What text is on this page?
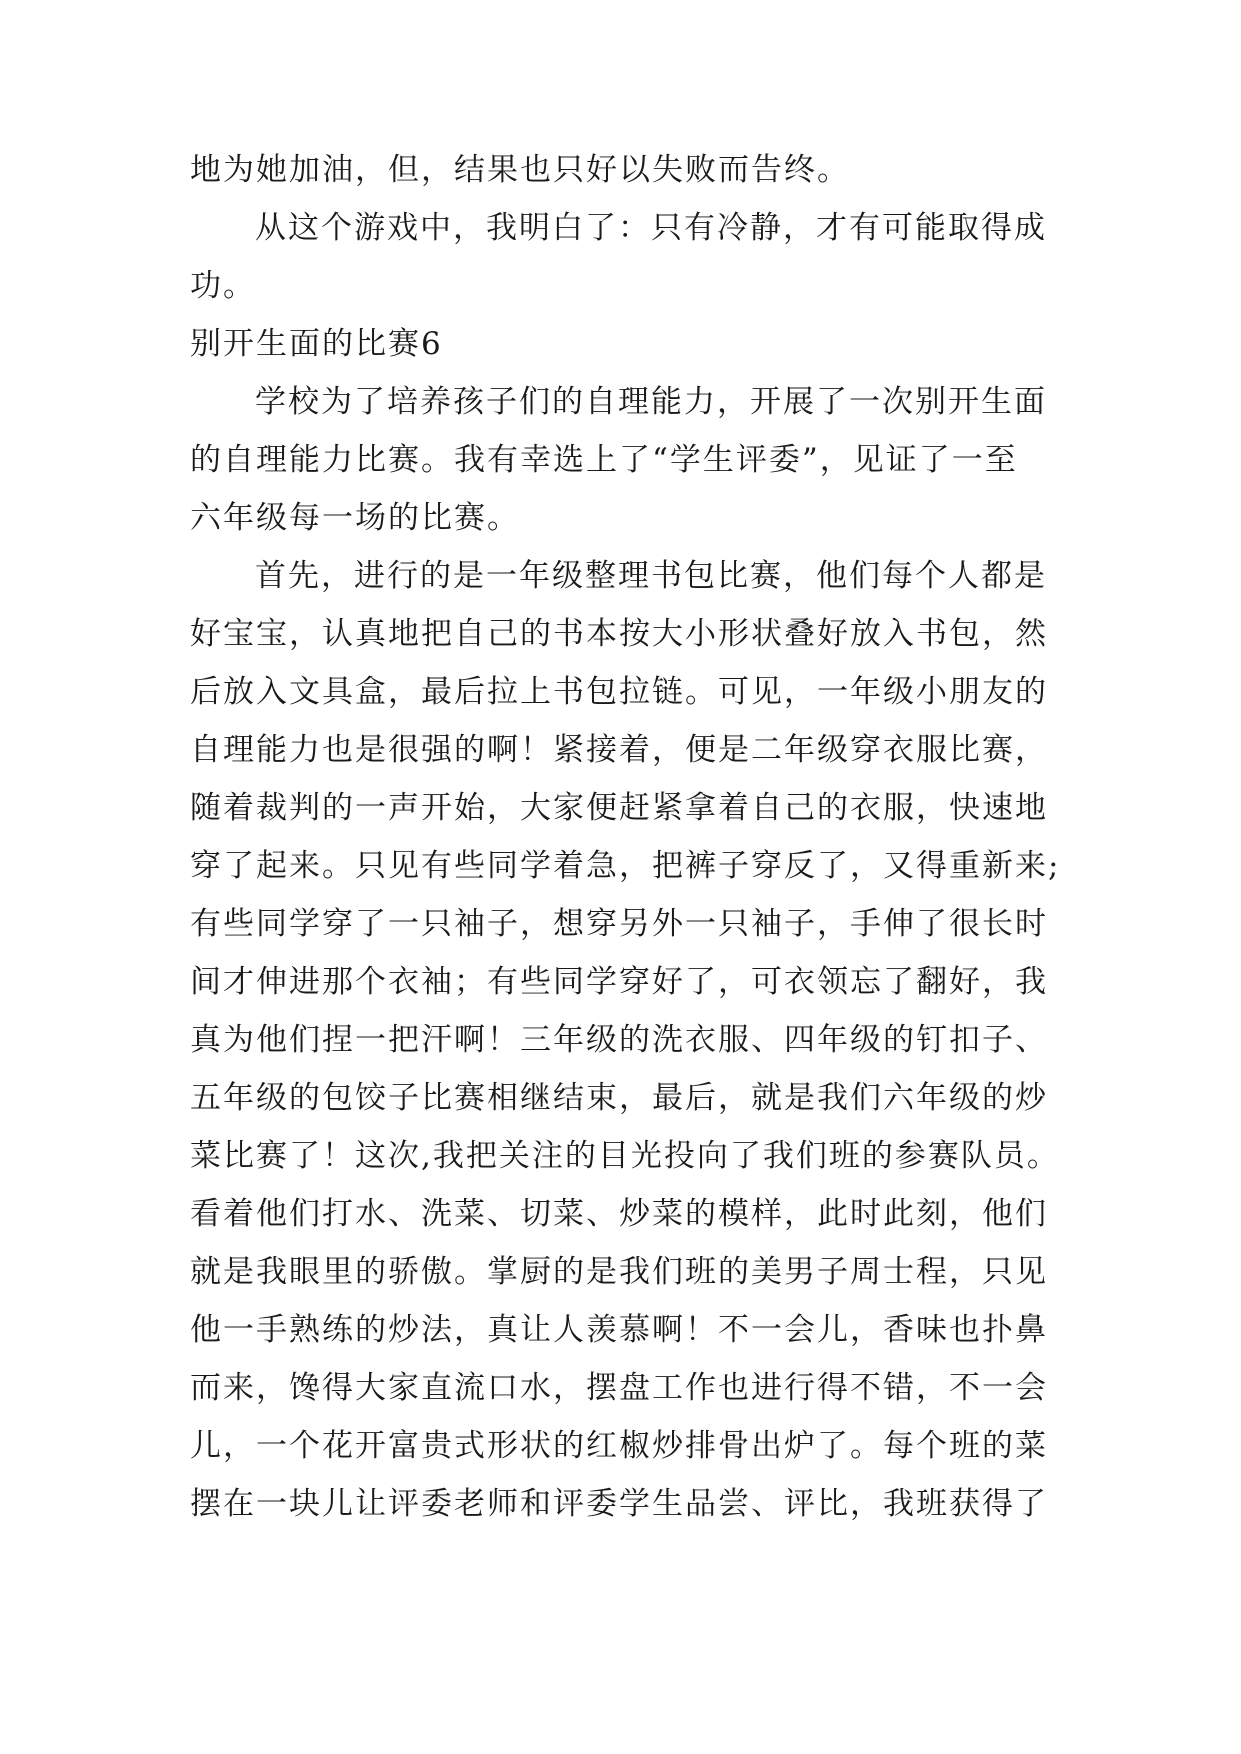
地为她加油，但，结果也只好以失败而告终。
从这个游戏中，我明白了：只有冷静，才有可能取得成
功。
别开生面的比赛6
学校为了培养孩子们的自理能力，开展了一次别开生面
的自理能力比赛。我有幸选上了“学生评委”，见证了一至
六年级每一场的比赛。
首先，进行的是一年级整理书包比赛，他们每个人都是
好宝宝，认真地把自己的书本按大小形状叠好放入书包，然
后放入文具盒，最后拉上书包拉链。可见，一年级小朋友的
自理能力也是很强的啊！紧接着，便是二年级穿衣服比赛，
随着裁判的一声开始，大家便赶紧拿着自己的衣服，快速地
穿了起来。只见有些同学着急，把裤子穿反了，又得重新来;
有些同学穿了一只袖子，想穿另外一只袖子，手伸了很长时
间才伸进那个衣袖；有些同学穿好了，可衣领忘了翻好，我
真为他们捏一把汗啊！三年级的洗衣服、四年级的钉扣子、
五年级的包饺子比赛相继结束，最后，就是我们六年级的炒
菜比赛了！这次,我把关注的目光投向了我们班的参赛队员。
看着他们打水、洗菜、切菜、炒菜的模样，此时此刻，他们
就是我眼里的骄傲。掌厨的是我们班的美男子周士程，只见
他一手熟练的炒法，真让人羡慕啊！不一会儿，香味也扑鼻
而来，馋得大家直流口水，摆盘工作也进行得不错，不一会
儿，一个花开富贵式形状的红椒炒排骨出炉了。每个班的菜
摆在一块儿让评委老师和评委学生品尝、评比，我班获得了
